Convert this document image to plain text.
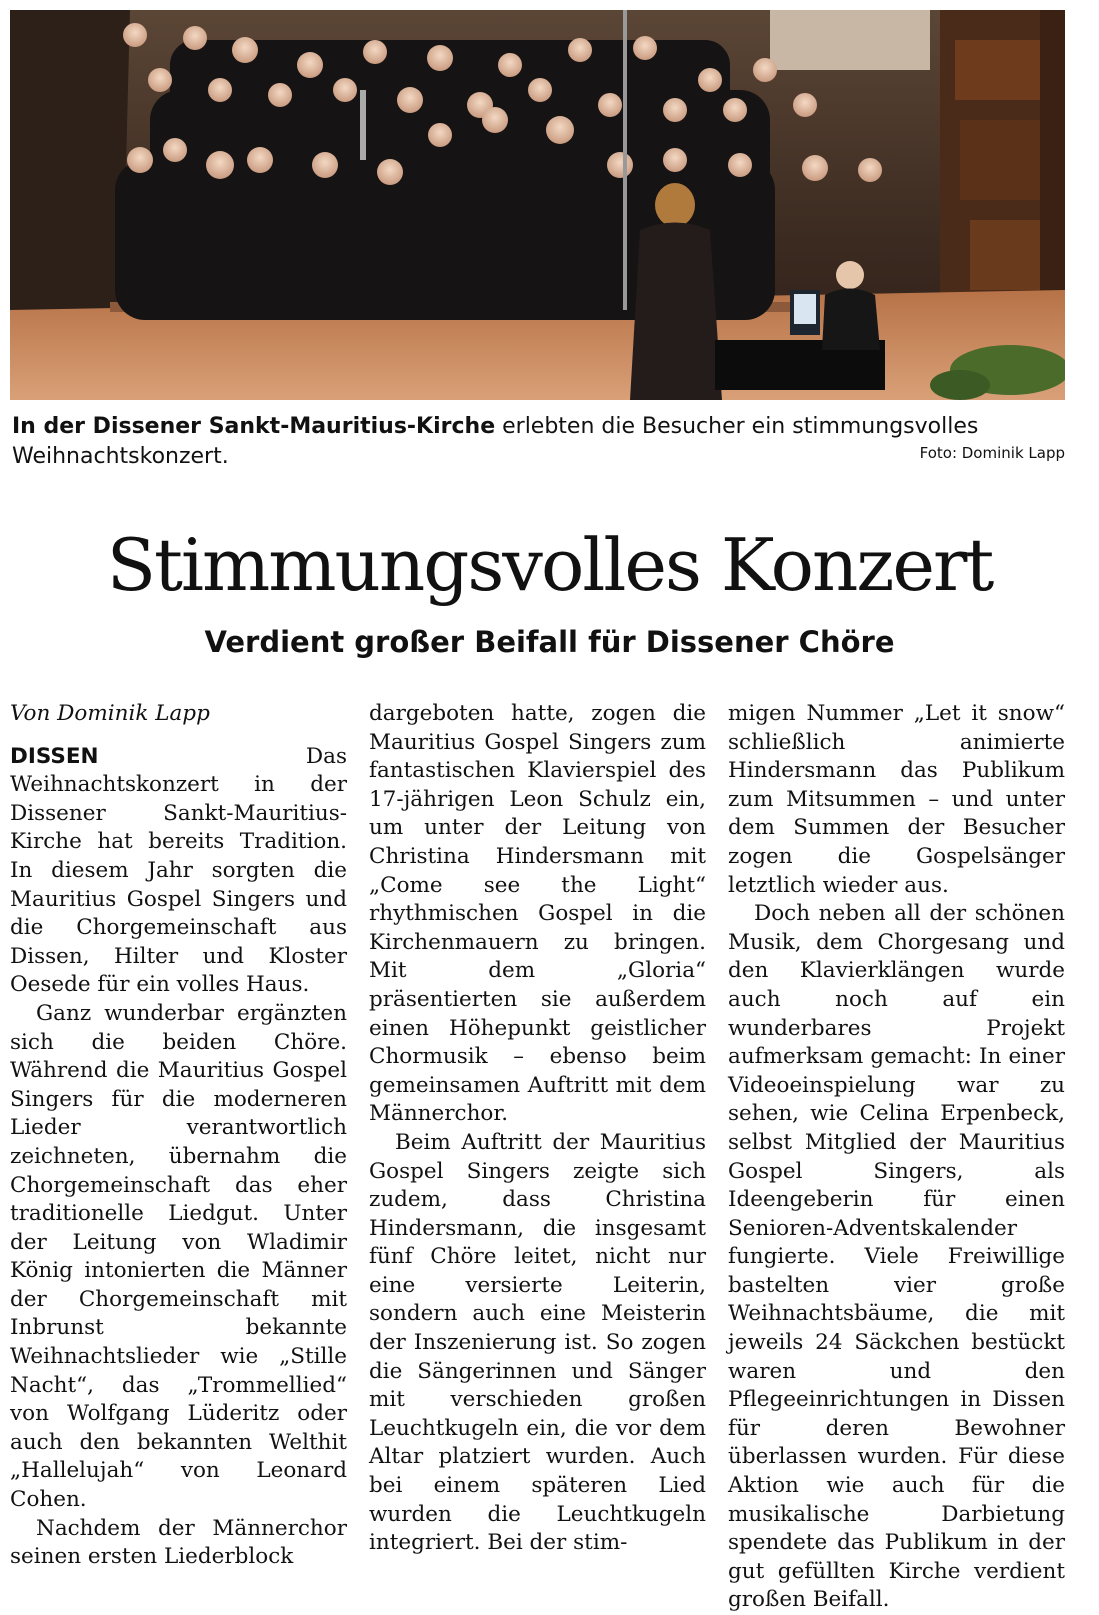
In der Dissener Sankt-Mauritius-Kirche erlebten die Besucher ein stimmungsvolles Weihnachtskonzert.	Foto: Dominik Lapp
Stimmungsvolles Konzert
Verdient großer Beifall für Dissener Chöre

Von Dominik Lapp

DISSEN	Das Weihnachtskonzert in der Dissener Sankt-Mauritius-Kirche hat bereits Tradition. In diesem Jahr sorgten die Mauritius Gospel Singers und die Chorgemeinschaft aus Dissen, Hilter und Kloster Oesede für ein volles Haus.

Ganz wunderbar ergänzten sich die beiden Chöre. Während die Mauritius Gospel Singers für die moderneren Lieder verantwortlich zeichneten, übernahm die Chorgemeinschaft das eher traditionelle Liedgut. Unter der Leitung von Wladimir König intonierten die Männer der Chorgemeinschaft mit Inbrunst bekannte Weihnachtslieder wie „Stille Nacht“, das „Trommellied“ von Wolfgang Lüderitz oder auch den bekannten Welthit „Hallelujah“ von Leonard Cohen.

Nachdem der Männerchor seinen ersten Liederblock

dargeboten hatte, zogen die Mauritius Gospel Singers zum fantastischen Klavierspiel des 17-jährigen Leon Schulz ein, um unter der Leitung von Christina Hindersmann mit „Come see the Light“ rhythmischen Gospel in die Kirchenmauern zu bringen. Mit dem „Gloria“ präsentierten sie außerdem einen Höhepunkt geistlicher Chormusik – ebenso beim gemeinsamen Auftritt mit dem Männerchor.

Beim Auftritt der Mauritius Gospel Singers zeigte sich zudem, dass Christina Hindersmann, die insgesamt fünf Chöre leitet, nicht nur eine versierte Leiterin, sondern auch eine Meisterin der Inszenierung ist. So zogen die Sängerinnen und Sänger mit verschieden großen Leuchtkugeln ein, die vor dem Altar platziert wurden. Auch bei einem späteren Lied wurden die Leuchtkugeln integriert. Bei der stim-

migen Nummer „Let it snow“ schließlich animierte Hindersmann das Publikum zum Mitsummen – und unter dem Summen der Besucher zogen die Gospelsänger letztlich wieder aus.

Doch neben all der schönen Musik, dem Chorgesang und den Klavierklängen wurde auch noch auf ein wunderbares Projekt aufmerksam gemacht: In einer Videoeinspielung war zu sehen, wie Celina Erpenbeck, selbst Mitglied der Mauritius Gospel Singers, als Ideengeberin für einen Senioren-Adventskalender fungierte. Viele Freiwillige bastelten vier große Weihnachtsbäume, die mit jeweils 24 Säckchen bestückt waren und den Pflegeeinrichtungen in Dissen für deren Bewohner überlassen wurden. Für diese Aktion wie auch für die musikalische Darbietung spendete das Publikum in der gut gefüllten Kirche verdient großen Beifall.
